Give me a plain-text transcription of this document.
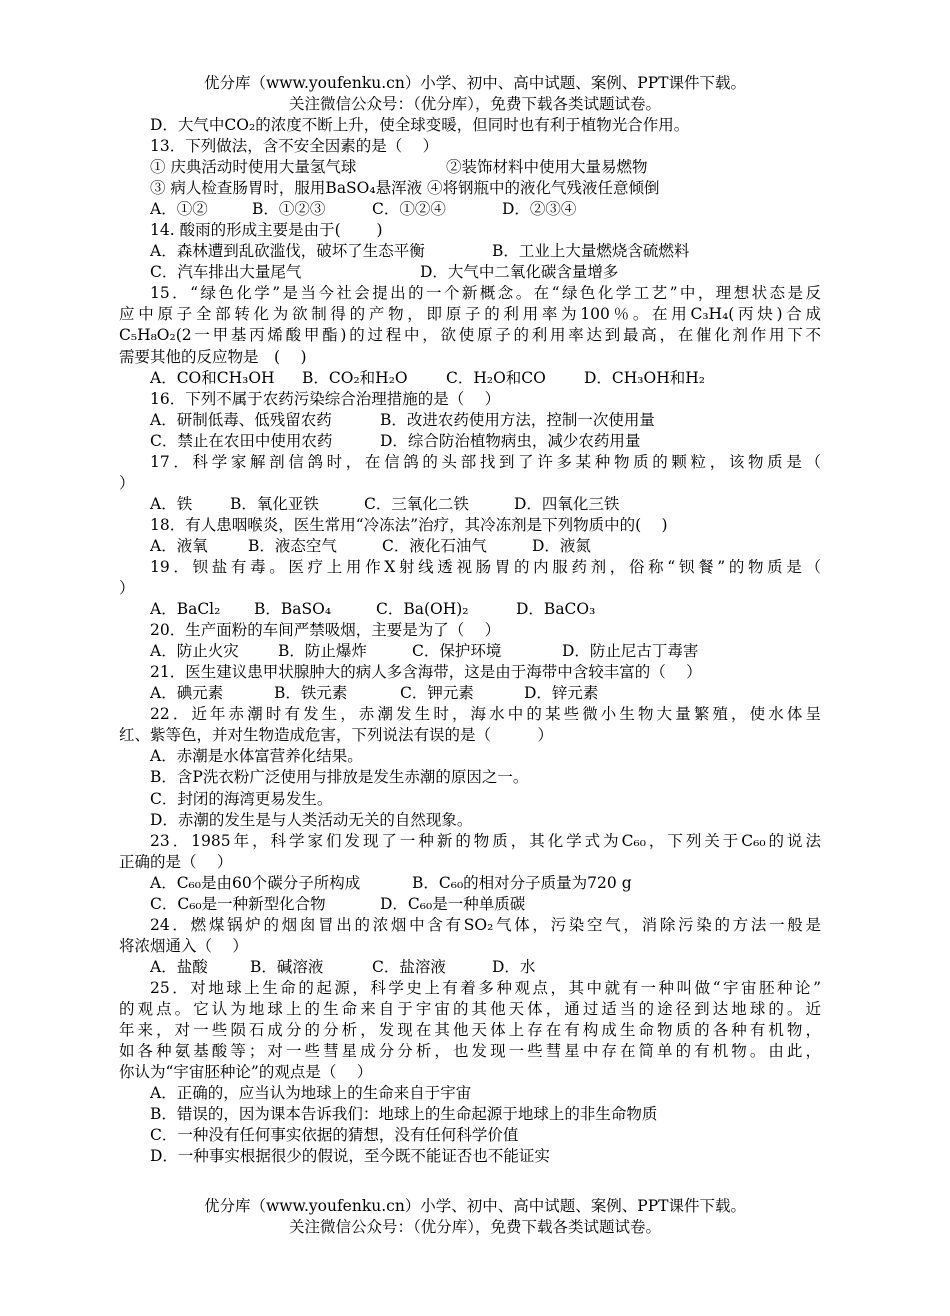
优分库（www.youfenku.cn）小学、初中、高中试题、案例、PPT课件下载。
关注微信公众号：（优分库），免费下载各类试题试卷。
D．大气中CO₂的浓度不断上升，使全球变暖，但同时也有利于植物光合作用。
13．下列做法，含不安全因素的是（　 ）
① 庆典活动时使用大量氢气球	②装饰材料中使用大量易燃物
③ 病人检查肠胃时，服用BaSO₄悬浑液 ④将钢瓶中的液化气残液任意倾倒
A．①②	B．①②③	C．①②④	D．②③④
14. 酸雨的形成主要是由于(　　 )
A．森林遭到乱砍滥伐，破坏了生态平衡	B．工业上大量燃烧含硫燃料
C．汽车排出大量尾气	D．大气中二氧化碳含量增多
15．“绿色化学”是当今社会提出的一个新概念。在“绿色化学工艺”中，理想状态是反
应中原子全部转化为欲制得的产物，即原子的利用率为100％。在用C₃H₄(丙炔)合成
C₅H₈O₂(2一甲基丙烯酸甲酯)的过程中，欲使原子的利用率达到最高，在催化剂作用下不
需要其他的反应物是　(　 )
A．CO和CH₃OH B．CO₂和H₂O C．H₂O和CO D．CH₃OH和H₂
16．下列不属于农药污染综合治理措施的是（　 ）
A．研制低毒、低残留农药	B．改进农药使用方法，控制一次使用量
C．禁止在农田中使用农药	D．综合防治植物病虫，减少农药用量
17．科学家解剖信鸽时，在信鸽的头部找到了许多某种物质的颗粒，该物质是（
）
A．铁 B．氧化亚铁	C．三氧化二铁	D．四氧化三铁
18．有人患咽喉炎，医生常用“冷冻法”治疗，其冷冻剂是下列物质中的(　 )
A．液氧	B．液态空气	C．液化石油气	D．液氮
19．钡盐有毒。医疗上用作X射线透视肠胃的内服药剂，俗称“钡餐”的物质是（
）
A．BaCl₂ B．BaSO₄	C．Ba(OH)₂	D．BaCO₃
20．生产面粉的车间严禁吸烟，主要是为了（　 ）
A．防止火灾	B．防止爆炸	C．保护环境	D．防止尼古丁毒害
21．医生建议患甲状腺肿大的病人多含海带，这是由于海带中含较丰富的（　 ）
A．碘元素	B．铁元素	C．钾元素	D．锌元素
22．近年赤潮时有发生，赤潮发生时，海水中的某些微小生物大量繁殖，使水体呈
红、紫等色，并对生物造成危害，下列说法有误的是（　　　）
A．赤潮是水体富营养化结果。
B．含P洗衣粉广泛使用与排放是发生赤潮的原因之一。
C．封闭的海湾更易发生。
D．赤潮的发生是与人类活动无关的自然现象。
23．1985年，科学家们发现了一种新的物质，其化学式为C₆₀，下列关于C₆₀的说法
正确的是（　 ）
A．C₆₀是由60个碳分子所构成	B．C₆₀的相对分子质量为720 g
C．C₆₀是一种新型化合物	D．C₆₀是一种单质碳
24．燃煤锅炉的烟囱冒出的浓烟中含有SO₂气体，污染空气，消除污染的方法一般是
将浓烟通入（　 ）
A．盐酸	B．碱溶液	C．盐溶液	D．水
25．对地球上生命的起源，科学史上有着多种观点，其中就有一种叫做“宇宙胚种论”
的观点。它认为地球上的生命来自于宇宙的其他天体，通过适当的途径到达地球的。近
年来，对一些陨石成分的分析，发现在其他天体上存在有构成生命物质的各种有机物，
如各种氨基酸等；对一些彗星成分分析，也发现一些彗星中存在简单的有机物。由此，
你认为“宇宙胚种论”的观点是（　 ）
A．正确的，应当认为地球上的生命来自于宇宙
B．错误的，因为课本告诉我们：地球上的生命起源于地球上的非生命物质
C．一种没有任何事实依据的猜想，没有任何科学价值
D．一种事实根据很少的假说，至今既不能证否也不能证实
优分库（www.youfenku.cn）小学、初中、高中试题、案例、PPT课件下载。
关注微信公众号：（优分库），免费下载各类试题试卷。
